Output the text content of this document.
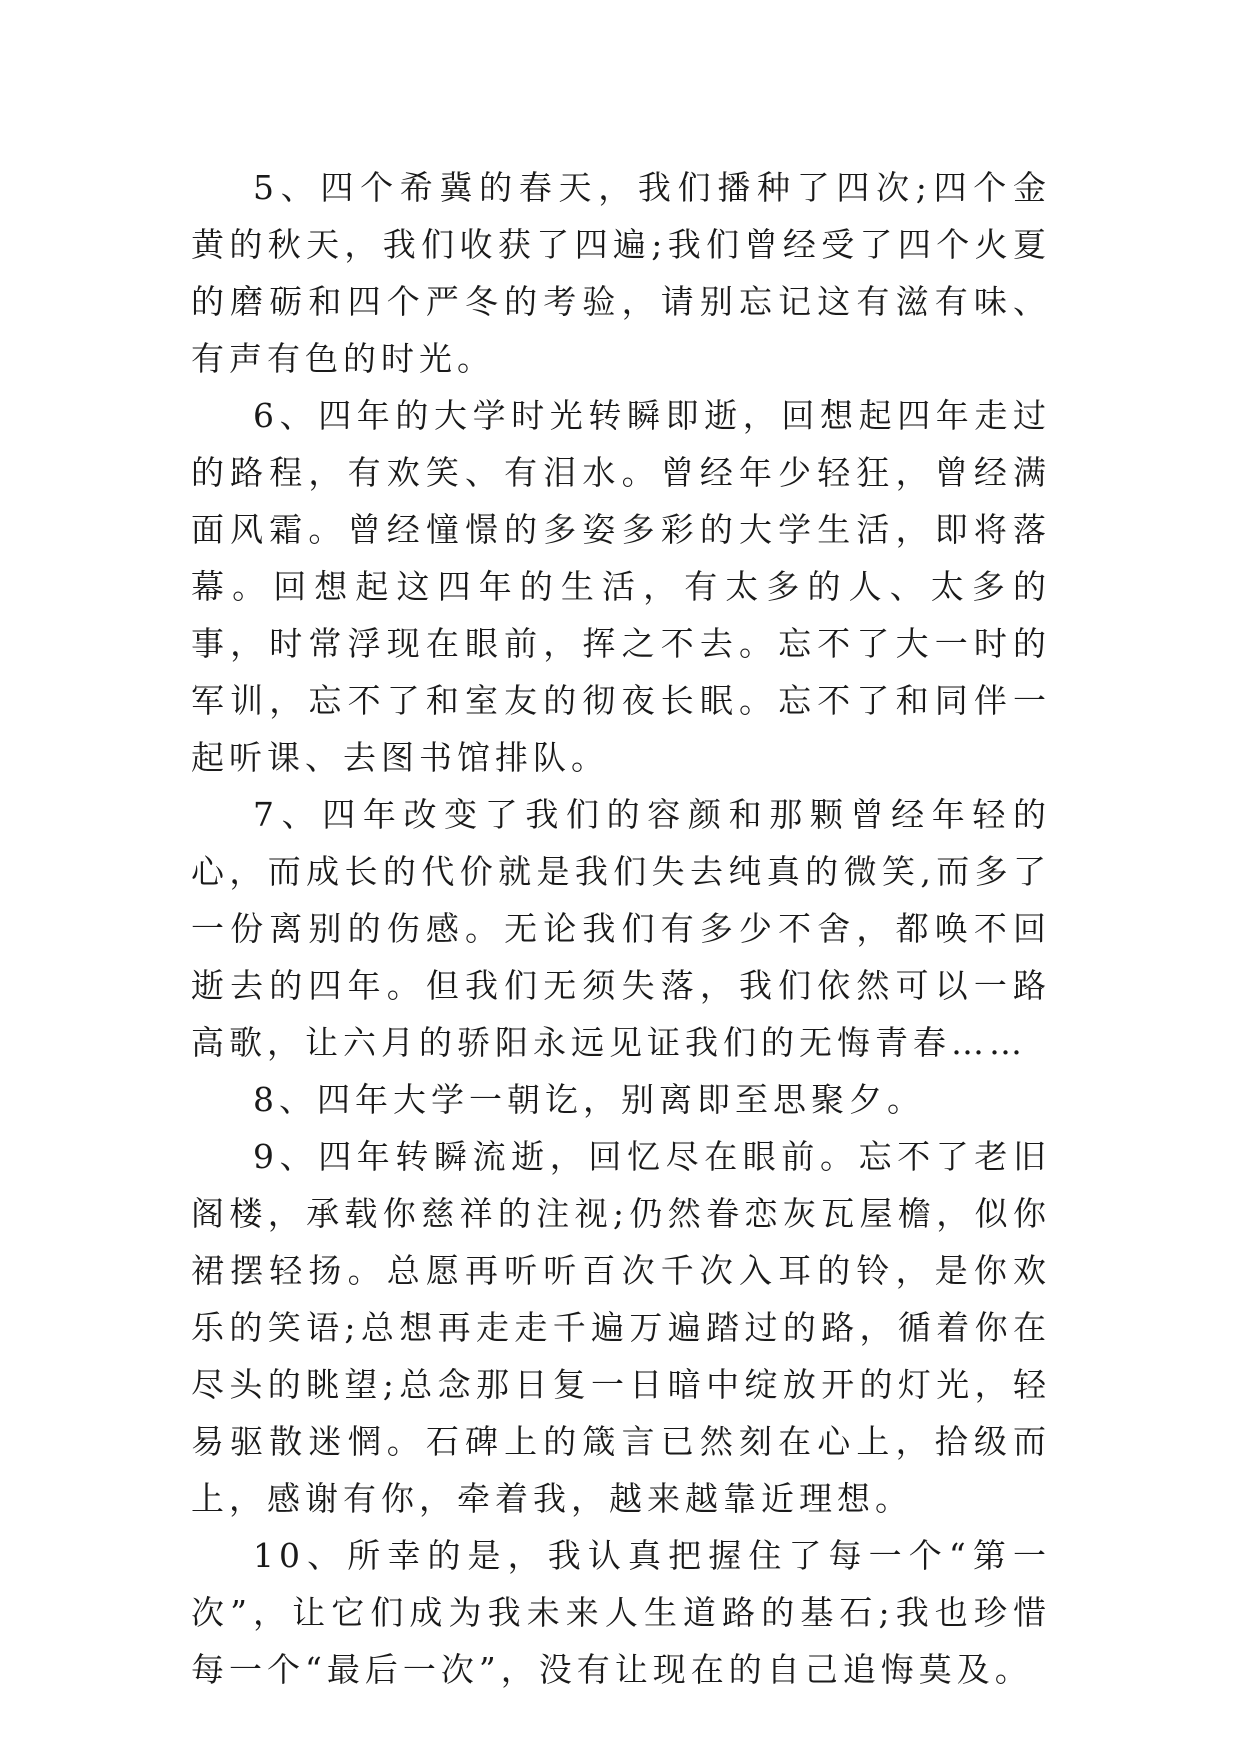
5、四个希冀的春天，我们播种了四次;四个金黄的秋天，我们收获了四遍;我们曾经受了四个火夏的磨砺和四个严冬的考验，请别忘记这有滋有味、有声有色的时光。

6、四年的大学时光转瞬即逝，回想起四年走过的路程，有欢笑、有泪水。曾经年少轻狂，曾经满面风霜。曾经憧憬的多姿多彩的大学生活，即将落幕。回想起这四年的生活，有太多的人、太多的事，时常浮现在眼前，挥之不去。忘不了大一时的军训，忘不了和室友的彻夜长眠。忘不了和同伴一起听课、去图书馆排队。

7、四年改变了我们的容颜和那颗曾经年轻的心，而成长的代价就是我们失去纯真的微笑,而多了一份离别的伤感。无论我们有多少不舍，都唤不回逝去的四年。但我们无须失落，我们依然可以一路高歌，让六月的骄阳永远见证我们的无悔青春……

8、四年大学一朝讫，别离即至思聚夕。

9、四年转瞬流逝，回忆尽在眼前。忘不了老旧阁楼，承载你慈祥的注视;仍然眷恋灰瓦屋檐，似你裙摆轻扬。总愿再听听百次千次入耳的铃，是你欢乐的笑语;总想再走走千遍万遍踏过的路，循着你在尽头的眺望;总念那日复一日暗中绽放开的灯光，轻易驱散迷惘。石碑上的箴言已然刻在心上，拾级而上，感谢有你，牵着我，越来越靠近理想。

10、所幸的是，我认真把握住了每一个“第一次”，让它们成为我未来人生道路的基石;我也珍惜每一个“最后一次”，没有让现在的自己追悔莫及。
